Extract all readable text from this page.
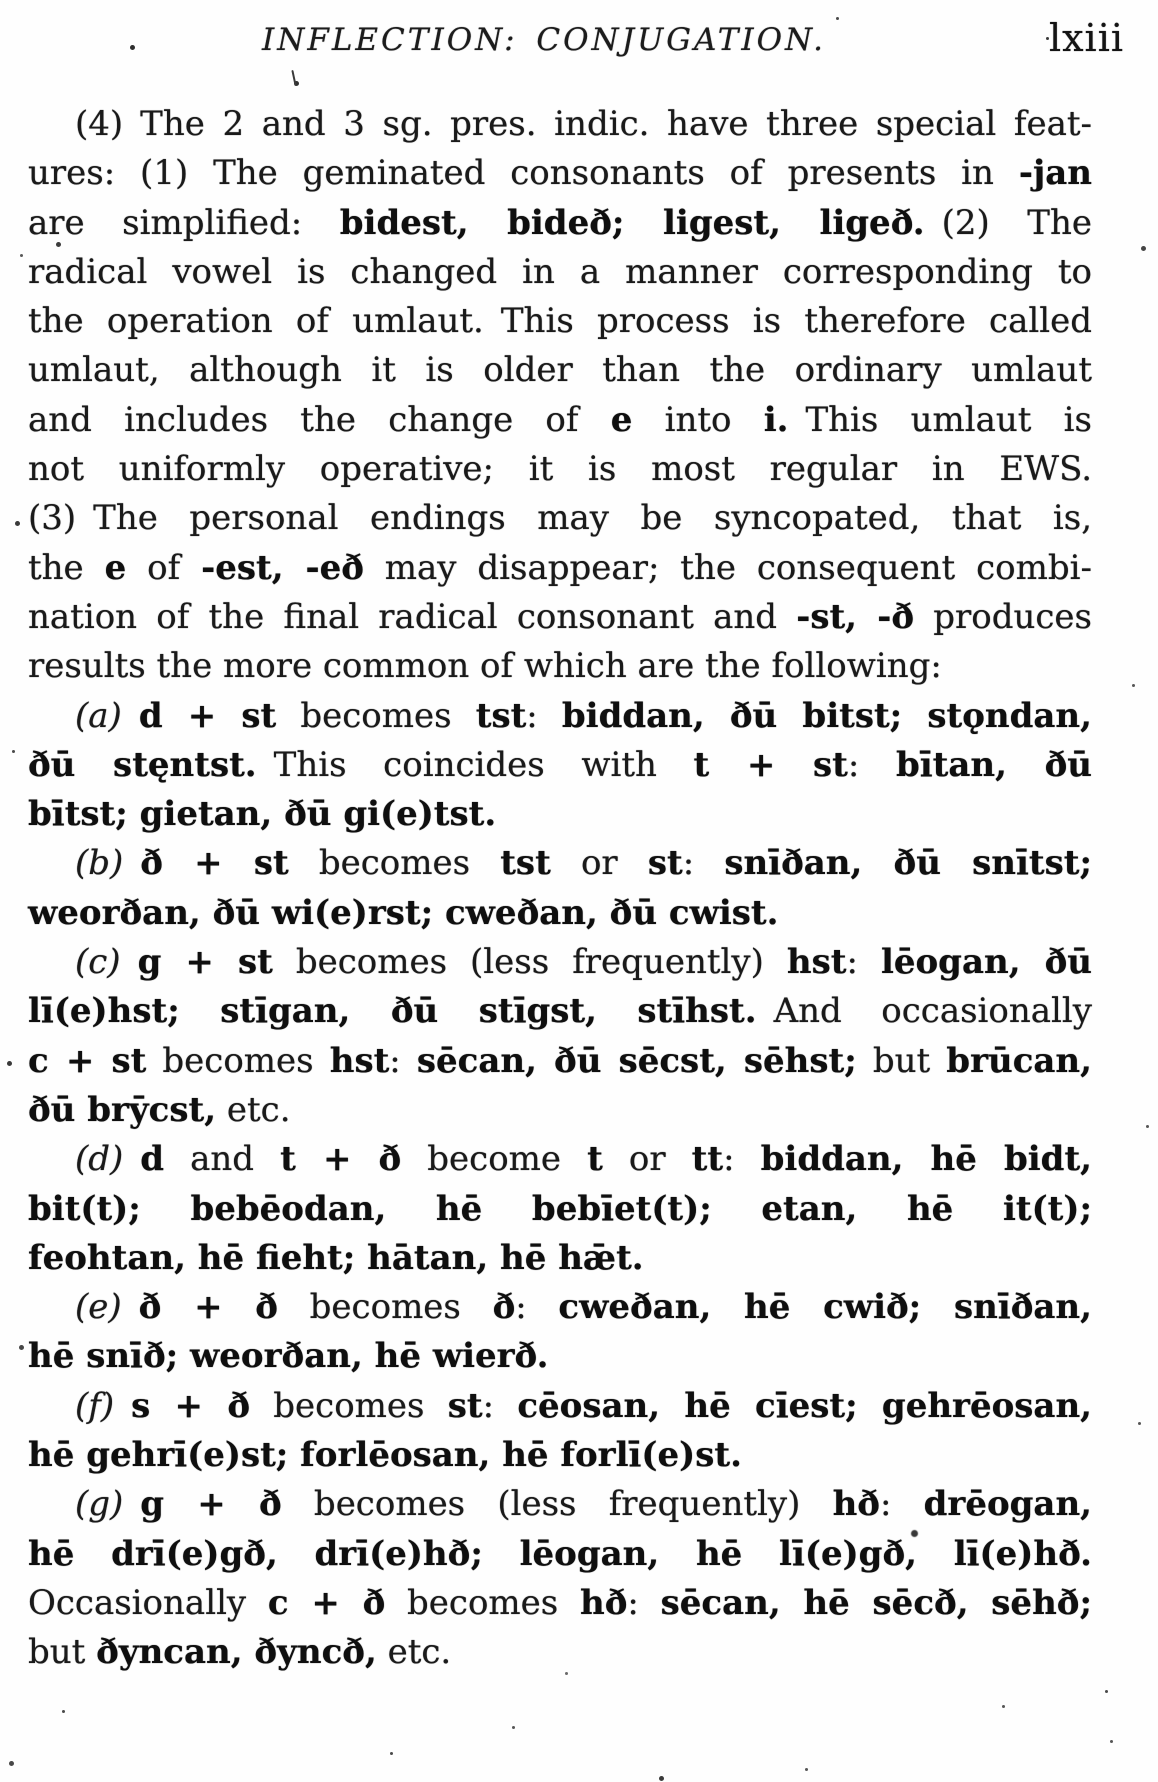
INFLECTION: CONJUGATION.	lxiii
(4) The 2 and 3 sg. pres. indic. have three special feat-
ures: (1) The geminated consonants of presents in -jan
are simplified: bidest, bideð; ligest, ligeð. (2) The
radical vowel is changed in a manner corresponding to
the operation of umlaut. This process is therefore called
umlaut, although it is older than the ordinary umlaut
and includes the change of e into i. This umlaut is
not uniformly operative; it is most regular in EWS.
(3) The personal endings may be syncopated, that is,
the e of -est, -eð may disappear; the consequent combi-
nation of the final radical consonant and -st, -ð produces
results the more common of which are the following:
(a)  d + st becomes tst: biddan, ðū bitst; stǫndan,
ðū stęntst. This coincides with t + st: bītan, ðū
bītst; gietan, ðū gi(e)tst.
(b)  ð + st becomes tst or st: snīðan, ðū snītst;
weorðan, ðū wi(e)rst; cweðan, ðū cwist.
(c)  g + st becomes (less frequently) hst: lēogan, ðū
lī(e)hst; stīgan, ðū stīgst, stīhst. And occasionally
c + st becomes hst: sēcan, ðū sēcst, sēhst; but brūcan,
ðū brȳcst, etc.
(d)  d and t + ð become t or tt: biddan, hē bidt,
bit(t); bebēodan, hē bebīet(t); etan, hē it(t);
feohtan, hē fieht; hātan, hē hǣt.
(e)  ð + ð becomes ð: cweðan, hē cwið; snīðan,
hē snīð; weorðan, hē wierð.
(f)  s + ð becomes st: cēosan, hē cīest; gehrēosan,
hē gehrī(e)st; forlēosan, hē forlī(e)st.
(g)  g + ð becomes (less frequently) hð: drēogan,
hē drī(e)gð, drī(e)hð; lēogan, hē lī(e)gð, lī(e)hð.
Occasionally c + ð becomes hð: sēcan, hē sēcð, sēhð;
but ðyncan, ðyncð, etc.
